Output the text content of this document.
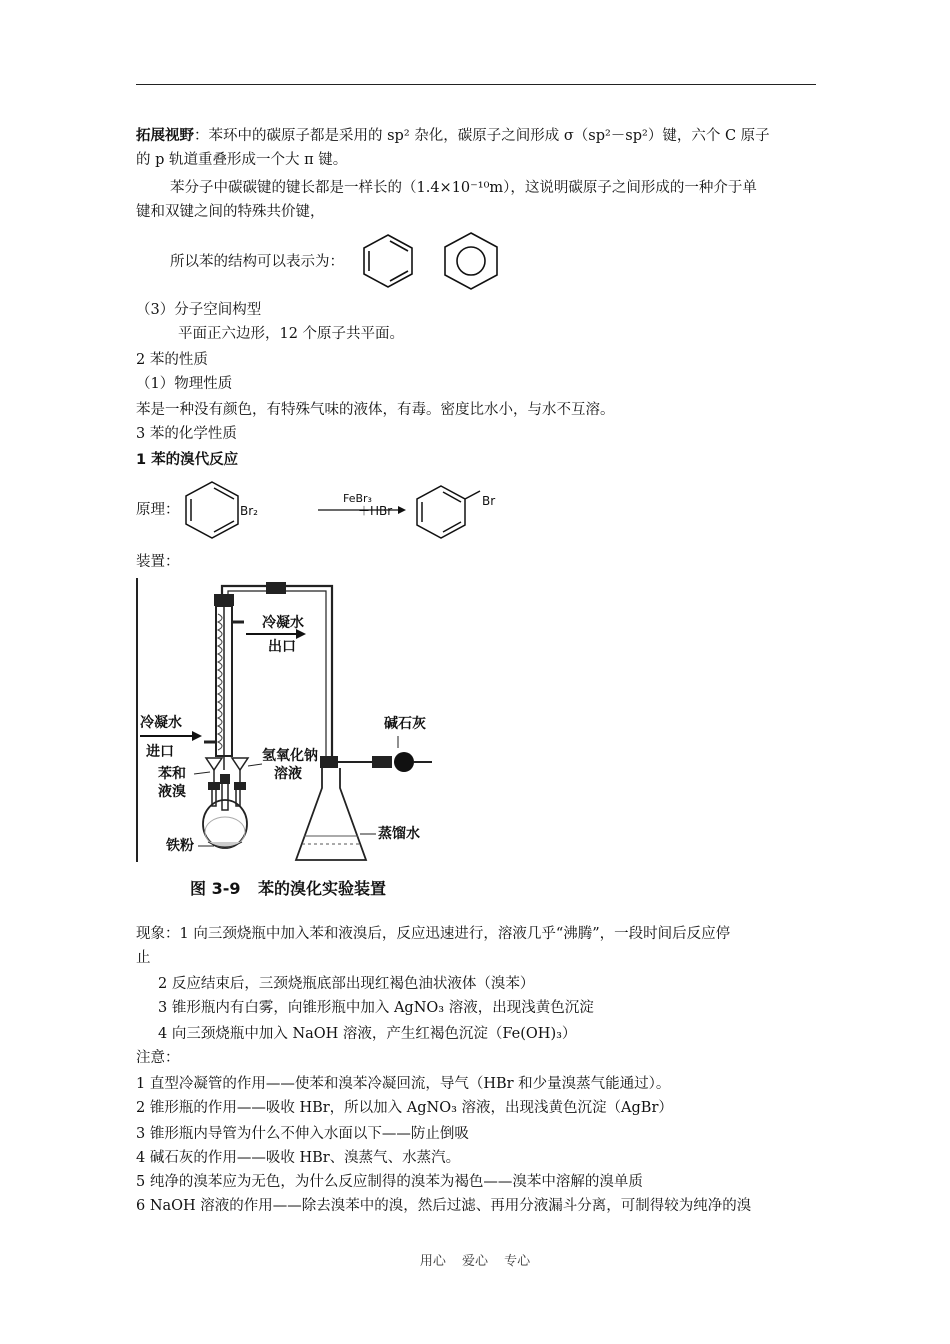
拓展视野：苯环中的碳原子都是采用的 sp² 杂化，碳原子之间形成 σ（sp²－sp²）键，六个 C 原子
的 p 轨道重叠形成一个大 π 键。
苯分子中碳碳键的键长都是一样长的（1.4×10⁻¹⁰m），这说明碳原子之间形成的一种介于单
键和双键之间的特殊共价键，
所以苯的结构可以表示为：
（3）分子空间构型
平面正六边形，12 个原子共平面。
2 苯的性质
（1）物理性质
苯是一种没有颜色，有特殊气味的液体，有毒。密度比水小，与水不互溶。
3 苯的化学性质
1 苯的溴代反应
原理：	Br₂
FeBr₃
＋HBr
Br
装置：
冷凝水
出口
冷凝水
进口
苯和
液溴
氢氧化钠
溶液
铁粉
碱石灰
蒸馏水
图 3-9 苯的溴化实验装置
现象：1 向三颈烧瓶中加入苯和液溴后，反应迅速进行，溶液几乎“沸腾”，一段时间后反应停
止
2 反应结束后，三颈烧瓶底部出现红褐色油状液体（溴苯）
3 锥形瓶内有白雾，向锥形瓶中加入 AgNO₃ 溶液，出现浅黄色沉淀
4 向三颈烧瓶中加入 NaOH 溶液，产生红褐色沉淀（Fe(OH)₃）
注意：
1 直型冷凝管的作用——使苯和溴苯冷凝回流，导气（HBr 和少量溴蒸气能通过）。
2 锥形瓶的作用——吸收 HBr，所以加入 AgNO₃ 溶液，出现浅黄色沉淀（AgBr）
3 锥形瓶内导管为什么不伸入水面以下——防止倒吸
4 碱石灰的作用——吸收 HBr、溴蒸气、水蒸汽。
5 纯净的溴苯应为无色，为什么反应制得的溴苯为褐色——溴苯中溶解的溴单质
6 NaOH 溶液的作用——除去溴苯中的溴，然后过滤、再用分液漏斗分离，可制得较为纯净的溴
用心 爱心 专心
